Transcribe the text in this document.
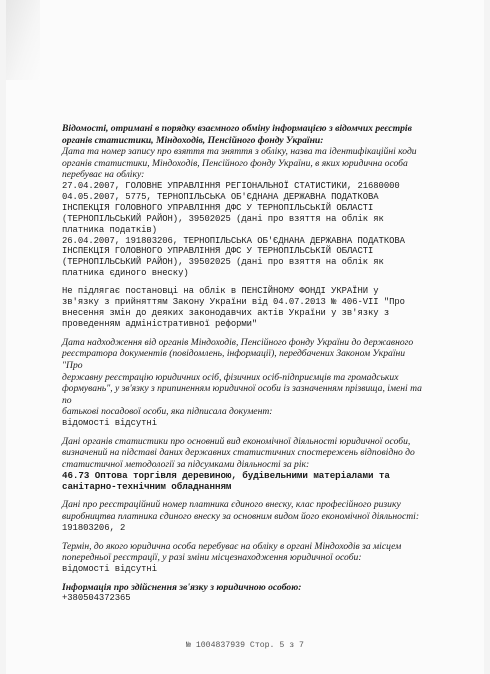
Відомості, отримані в порядку взаємного обміну інформацією з відомчих реєстрів

органів статистики, Міндоходів, Пенсійного фонду України:

Дата та номер запису про взяття та зняття з обліку, назва та ідентифікаційні коди

органів статистики, Міндоходів, Пенсійного фонду України, в яких юридична особа

перебуває на обліку:

27.04.2007, ГОЛОВНЕ УПРАВЛІННЯ РЕГІОНАЛЬНОЇ СТАТИСТИКИ, 21680000

04.05.2007, 5775, ТЕРНОПІЛЬСЬКА ОБ'ЄДНАНА ДЕРЖАВНА ПОДАТКОВА

ІНСПЕКЦІЯ ГОЛОВНОГО УПРАВЛІННЯ ДФС У ТЕРНОПІЛЬСЬКІЙ ОБЛАСТІ

(ТЕРНОПІЛЬСЬКИЙ РАЙОН), 39502025 (дані про взяття на облік як

платника податків)

26.04.2007, 191803206, ТЕРНОПІЛЬСЬКА ОБ'ЄДНАНА ДЕРЖАВНА ПОДАТКОВА

ІНСПЕКЦІЯ ГОЛОВНОГО УПРАВЛІННЯ ДФС У ТЕРНОПІЛЬСЬКІЙ ОБЛАСТІ

(ТЕРНОПІЛЬСЬКИЙ РАЙОН), 39502025 (дані про взяття на облік як

платника єдиного внеску)

Не підлягає постановці на облік в ПЕНСІЙНОМУ ФОНДІ УКРАЇНИ у

зв'язку з прийняттям Закону України від 04.07.2013 № 406-VII "Про

внесення змін до деяких законодавчих актів України у зв'язку з

проведенням адміністративної реформи"

Дата надходження від органів Міндоходів, Пенсійного фонду України до державного

реєстратора документів (повідомлень, інформації), передбачених Законом України "Про

державну реєстрацію юридичних осіб, фізичних осіб-підприємців та громадських

формувань", у зв'язку з припиненням юридичної особи із зазначенням прізвища, імені та по

батькові посадової особи, яка підписала документ:

відомості відсутні

Дані органів статистики про основний вид економічної діяльності юридичної особи,

визначений на підставі даних державних статистичних спостережень відповідно до

статистичної методології за підсумками діяльності за рік:

46.73 Оптова торгівля деревиною, будівельними матеріалами та

санітарно-технічним обладнанням

Дані про реєстраційний номер платника єдиного внеску, клас професійного ризику

виробництва платника єдиного внеску за основним видом його економічної діяльності:

191803206, 2

Термін, до якого юридична особа перебуває на обліку в органі Міндоходів за місцем

попередньої реєстрації, у разі зміни місцезнаходження юридичної особи:

відомості відсутні

Інформація про здійснення зв'язку з юридичною особою:

+380504372365

№ 1004837939 Стор. 5 з 7
